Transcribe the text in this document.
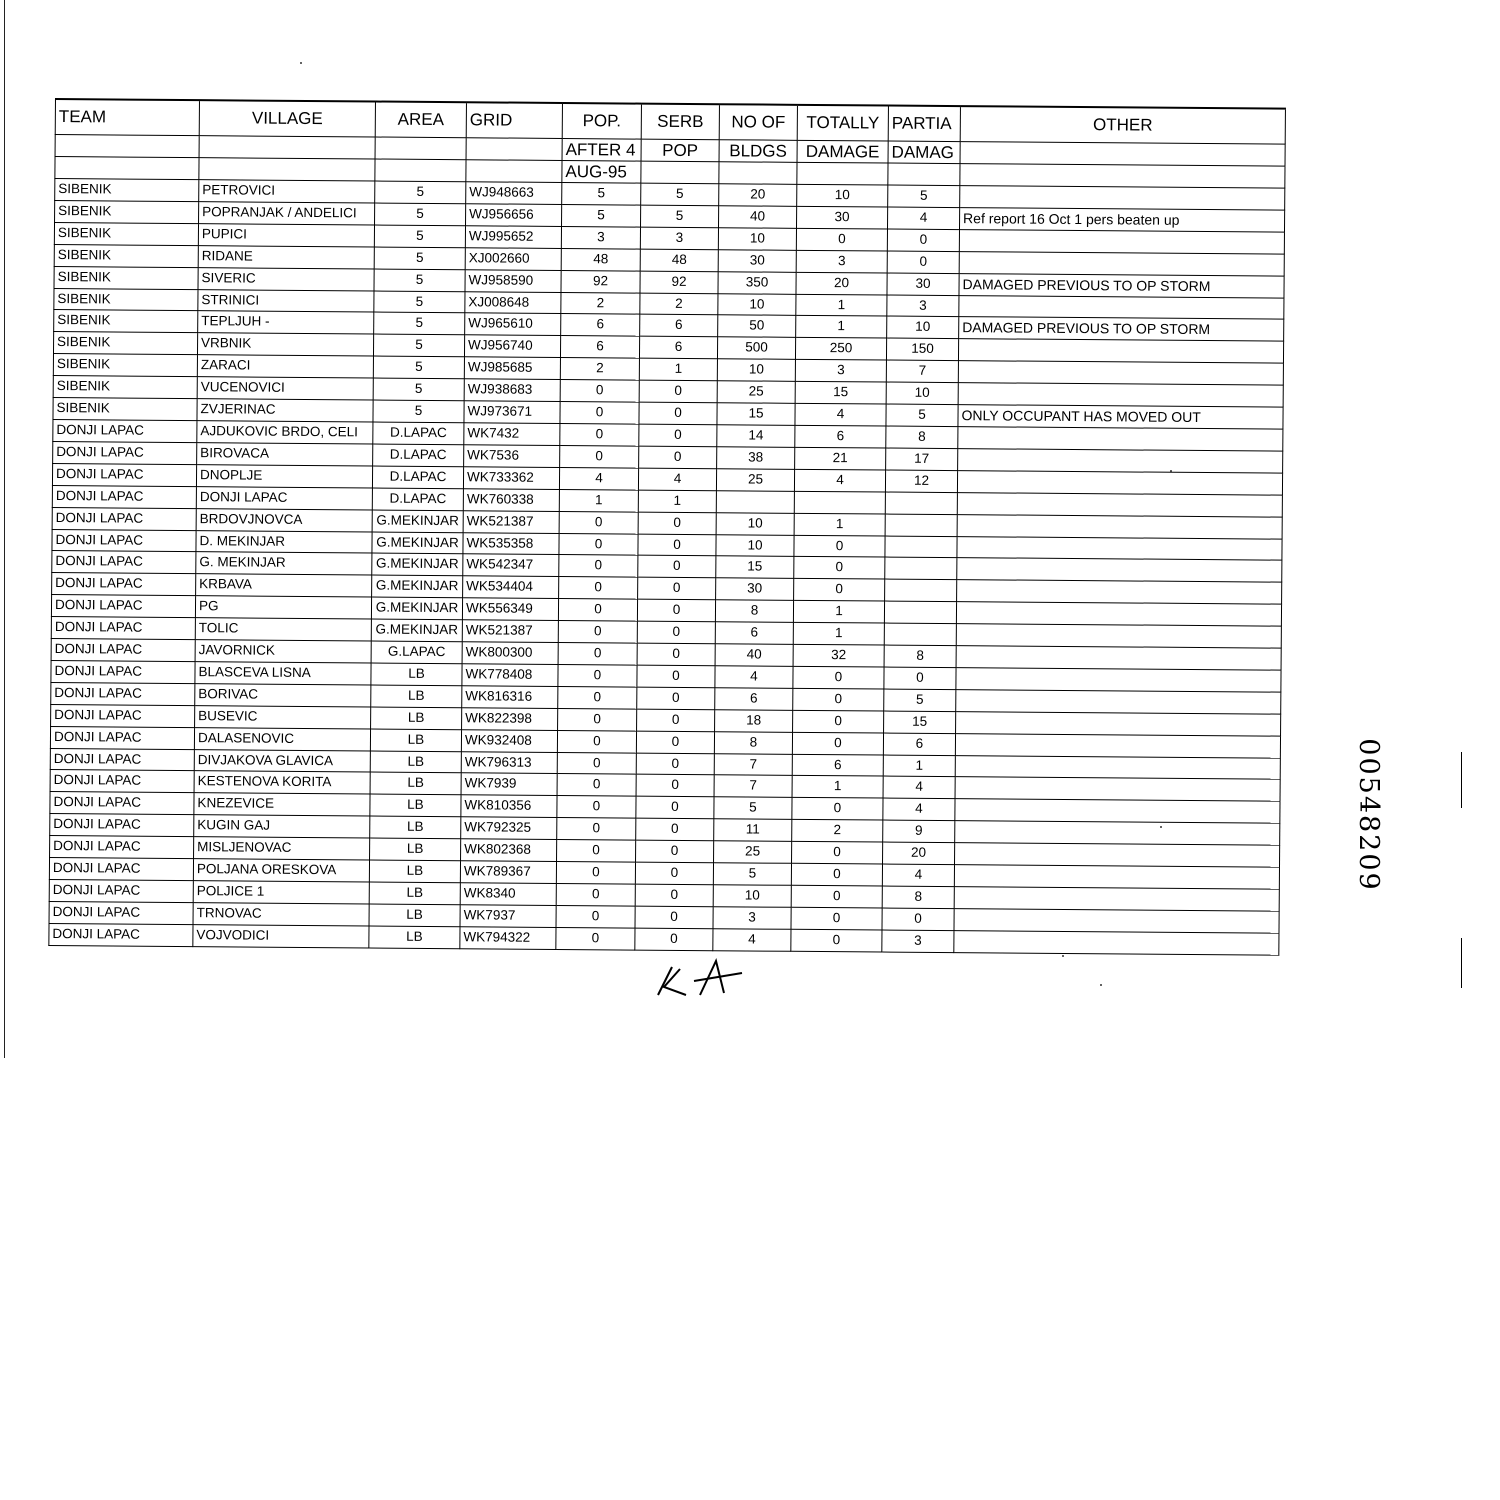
TEAM	VILLAGE	AREA	GRID	POP.	SERB	NO OF	TOTALLY	PARTIA	OTHER
				AFTER 4	POP	BLDGS	DAMAGE	DAMAG	
				AUG-95					
SIBENIK	PETROVICI	5	WJ948663	5	5	20	10	5	
SIBENIK	POPRANJAK / ANDELICI	5	WJ956656	5	5	40	30	4	Ref report 16 Oct 1 pers beaten up
SIBENIK	PUPICI	5	WJ995652	3	3	10	0	0	
SIBENIK	RIDANE	5	XJ002660	48	48	30	3	0	
SIBENIK	SIVERIC	5	WJ958590	92	92	350	20	30	DAMAGED PREVIOUS TO OP STORM
SIBENIK	STRINICI	5	XJ008648	2	2	10	1	3	
SIBENIK	TEPLJUH -	5	WJ965610	6	6	50	1	10	DAMAGED PREVIOUS TO OP STORM
SIBENIK	VRBNIK	5	WJ956740	6	6	500	250	150	
SIBENIK	ZARACI	5	WJ985685	2	1	10	3	7	
SIBENIK	VUCENOVICI	5	WJ938683	0	0	25	15	10	
SIBENIK	ZVJERINAC	5	WJ973671	0	0	15	4	5	ONLY OCCUPANT HAS MOVED OUT
DONJI LAPAC	AJDUKOVIC BRDO, CELI	D.LAPAC	WK7432	0	0	14	6	8	
DONJI LAPAC	BIROVACA	D.LAPAC	WK7536	0	0	38	21	17	
DONJI LAPAC	DNOPLJE	D.LAPAC	WK733362	4	4	25	4	12	
DONJI LAPAC	DONJI LAPAC	D.LAPAC	WK760338	1	1				
DONJI LAPAC	BRDOVJNOVCA	G.MEKINJAR	WK521387	0	0	10	1		
DONJI LAPAC	D. MEKINJAR	G.MEKINJAR	WK535358	0	0	10	0		
DONJI LAPAC	G. MEKINJAR	G.MEKINJAR	WK542347	0	0	15	0		
DONJI LAPAC	KRBAVA	G.MEKINJAR	WK534404	0	0	30	0		
DONJI LAPAC	PG	G.MEKINJAR	WK556349	0	0	8	1		
DONJI LAPAC	TOLIC	G.MEKINJAR	WK521387	0	0	6	1		
DONJI LAPAC	JAVORNICK	G.LAPAC	WK800300	0	0	40	32	8	
DONJI LAPAC	BLASCEVA LISNA	LB	WK778408	0	0	4	0	0	
DONJI LAPAC	BORIVAC	LB	WK816316	0	0	6	0	5	
DONJI LAPAC	BUSEVIC	LB	WK822398	0	0	18	0	15	
DONJI LAPAC	DALASENOVIC	LB	WK932408	0	0	8	0	6	
DONJI LAPAC	DIVJAKOVA GLAVICA	LB	WK796313	0	0	7	6	1	
DONJI LAPAC	KESTENOVA KORITA	LB	WK7939	0	0	7	1	4	
DONJI LAPAC	KNEZEVICE	LB	WK810356	0	0	5	0	4	
DONJI LAPAC	KUGIN GAJ	LB	WK792325	0	0	11	2	9	
DONJI LAPAC	MISLJENOVAC	LB	WK802368	0	0	25	0	20	
DONJI LAPAC	POLJANA ORESKOVA	LB	WK789367	0	0	5	0	4	
DONJI LAPAC	POLJICE 1	LB	WK8340	0	0	10	0	8	
DONJI LAPAC	TRNOVAC	LB	WK7937	0	0	3	0	0	
DONJI LAPAC	VOJVODICI	LB	WK794322	0	0	4	0	3	
00548209
